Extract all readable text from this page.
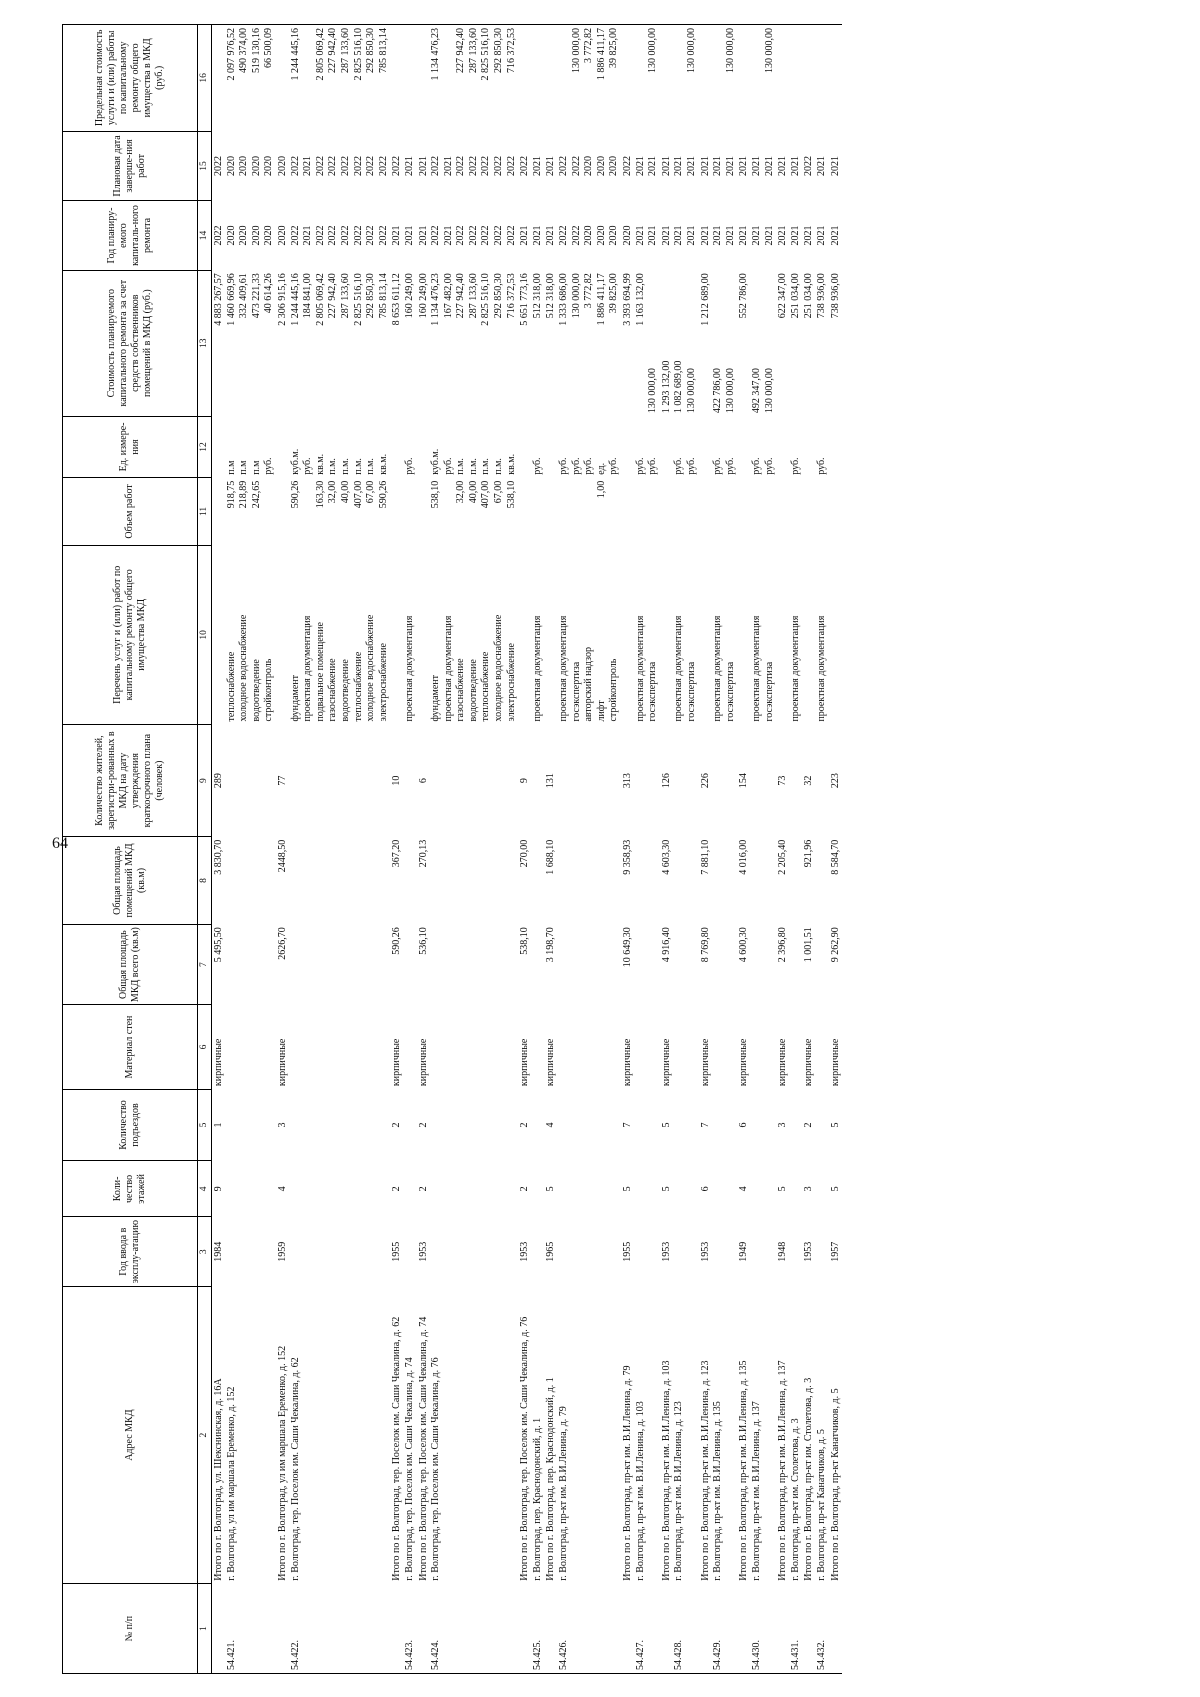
64
№ п/п	Адрес МКД	Год ввода в эксплу-атацию	Коли-чество этажей	Количество подъездов	Материал стен	Общая площадь МКД всего (кв.м)	Общая площадь помещений МКД (кв.м)	Количество жителей, зарегистри-рованных в МКД на дату утверждения краткосрочного плана (человек)	Перечень услуг и (или) работ по капитальному ремонту общего имущества МКД	Объем работ	Ед. измере-ния	Стоимость планируемого капитального ремонта за счет средств собственников помещений в МКД (руб.)	Год планиру-емого капиталь-ного ремонта	Плановая дата заверше-ния работ	Предельная стоимость услуги и (или) работы по капитальному ремонту общего имущества в МКД (руб.)
1	2	3	4	5	6	7	8	9	10	11	12	13	14	15	16
	Итого по г. Волгоград, ул. Шекснинская, д. 16А	1984	9	1	кирпичные	5 495,50	3 830,70	289				4 883 267,57	2022	2022	
54.421.	г. Волгоград, ул им маршала Еременко, д. 152								теплоснабжение	918,75	п.м	1 460 669,96	2020	2020	2 097 976,52
									холодное водоснабжение	218,89	п.м	332 409,61	2020	2020	490 374,00
									водоотведение	242,65	п.м	473 221,33	2020	2020	519 130,16
									стройконтроль		руб.	40 614,26	2020	2020	66 500,09
	Итого по г. Волгоград, ул им маршала Еременко, д. 152	1959	4	3	кирпичные	2626,70	2448,50	77				2 306 915,16	2020	2020	
54.422.	г. Волгоград, тер. Поселок им. Саши Чекалина, д. 62								фундамент	590,26	куб.м.	1 244 445,16	2022	2022	1 244 445,16
									проектная документация		руб.	184 841,00	2021	2021	
									подвальное помещение	163,30	кв.м.	2 805 069,42	2022	2022	2 805 069,42
									газоснабжение	32,00	п.м.	227 942,40	2022	2022	227 942,40
									водоотведение	40,00	п.м.	287 133,60	2022	2022	287 133,60
									теплоснабжение	407,00	п.м.	2 825 516,10	2022	2022	2 825 516,10
									холодное водоснабжение	67,00	п.м.	292 850,30	2022	2022	292 850,30
									электроснабжение	590,26	кв.м.	785 813,14	2022	2022	785 813,14
	Итого по г. Волгоград, тер. Поселок им. Саши Чекалина, д. 62	1955	2	2	кирпичные	590,26	367,20	10				8 653 611,12	2021	2022	
54.423.	г. Волгоград, тер. Поселок им. Саши Чекалина, д. 74								проектная документация		руб.	160 249,00	2021	2021	
	Итого по г. Волгоград, тер. Поселок им. Саши Чекалина, д. 74	1953	2	2	кирпичные	536,10	270,13	6				160 249,00	2021	2021	
54.424.	г. Волгоград, тер. Поселок им. Саши Чекалина, д. 76								фундамент	538,10	куб.м.	1 134 476,23	2022	2022	1 134 476,23
									проектная документация		руб.	167 482,00	2021	2021	
									газоснабжение	32,00	п.м.	227 942,40	2022	2022	227 942,40
									водоотведение	40,00	п.м.	287 133,60	2022	2022	287 133,60
									теплоснабжение	407,00	п.м.	2 825 516,10	2022	2022	2 825 516,10
									холодное водоснабжение	67,00	п.м.	292 850,30	2022	2022	292 850,30
									электроснабжение	538,10	кв.м.	716 372,53	2022	2022	716 372,53
	Итого по г. Волгоград, тер. Поселок им. Саши Чекалина, д. 76	1953	2	2	кирпичные	538,10	270,00	9				5 651 773,16	2021	2022	
54.425.	г. Волгоград, пер. Краснодонский, д. 1								проектная документация		руб.	512 318,00	2021	2021	
	Итого по г. Волгоград, пер. Краснодонский, д. 1	1965	5	4	кирпичные	3 198,70	1 688,10	131				512 318,00	2021	2021	
54.426.	г. Волгоград, пр-кт им. В.И.Ленина, д. 79								проектная документация		руб.	1 333 686,00	2022	2022	
									госэкспертиза		руб.	130 000,00	2022	2022	130 000,00
									авторский надзор		руб.	3 772,82	2020	2020	3 772,82
									лифт	1,00	ед.	1 886 411,17	2020	2020	1 886 411,17
									стройконтроль		руб.	39 825,00	2020	2020	39 825,00
	Итого по г. Волгоград, пр-кт им. В.И.Ленина, д. 79	1955	5	7	кирпичные	10 649,30	9 358,93	313				3 393 694,99	2020	2022	
54.427.	г. Волгоград, пр-кт им. В.И.Ленина, д. 103								проектная документация		руб.	1 163 132,00	2021	2021	
									госэкспертиза		руб.	130 000,00	2021	2021	130 000,00
	Итого по г. Волгоград, пр-кт им. В.И.Ленина, д. 103	1953	5	5	кирпичные	4 916,40	4 603,30	126				1 293 132,00	2021	2021	
54.428.	г. Волгоград, пр-кт им. В.И.Ленина, д. 123								проектная документация		руб.	1 082 689,00	2021	2021	
									госэкспертиза		руб.	130 000,00	2021	2021	130 000,00
	Итого по г. Волгоград, пр-кт им. В.И.Ленина, д. 123	1953	6	7	кирпичные	8 769,80	7 881,10	226				1 212 689,00	2021	2021	
54.429.	г. Волгоград, пр-кт им. В.И.Ленина, д. 135								проектная документация		руб.	422 786,00	2021	2021	
									госэкспертиза		руб.	130 000,00	2021	2021	130 000,00
	Итого по г. Волгоград, пр-кт им. В.И.Ленина, д. 135	1949	4	6	кирпичные	4 600,30	4 016,00	154				552 786,00	2021	2021	
54.430.	г. Волгоград, пр-кт им. В.И.Ленина, д. 137								проектная документация		руб.	492 347,00	2021	2021	
									госэкспертиза		руб.	130 000,00	2021	2021	130 000,00
	Итого по г. Волгоград, пр-кт им. В.И.Ленина, д. 137	1948	5	3	кирпичные	2 396,80	2 205,40	73				622 347,00	2021	2021	
54.431.	г. Волгоград, пр-кт им. Столетова, д. 3								проектная документация		руб.	251 034,00	2021	2021	
	Итого по г. Волгоград, пр-кт им. Столетова, д. 3	1953	3	2	кирпичные	1 001,51	921,96	32				251 034,00	2021	2022	
54.432.	г. Волгоград, пр-кт Канатчиков, д. 5								проектная документация		руб.	738 936,00	2021	2021	
	Итого по г. Волгоград, пр-кт Канатчиков, д. 5	1957	5	5	кирпичные	9 262,90	8 584,70	223				738 936,00	2021	2021	
